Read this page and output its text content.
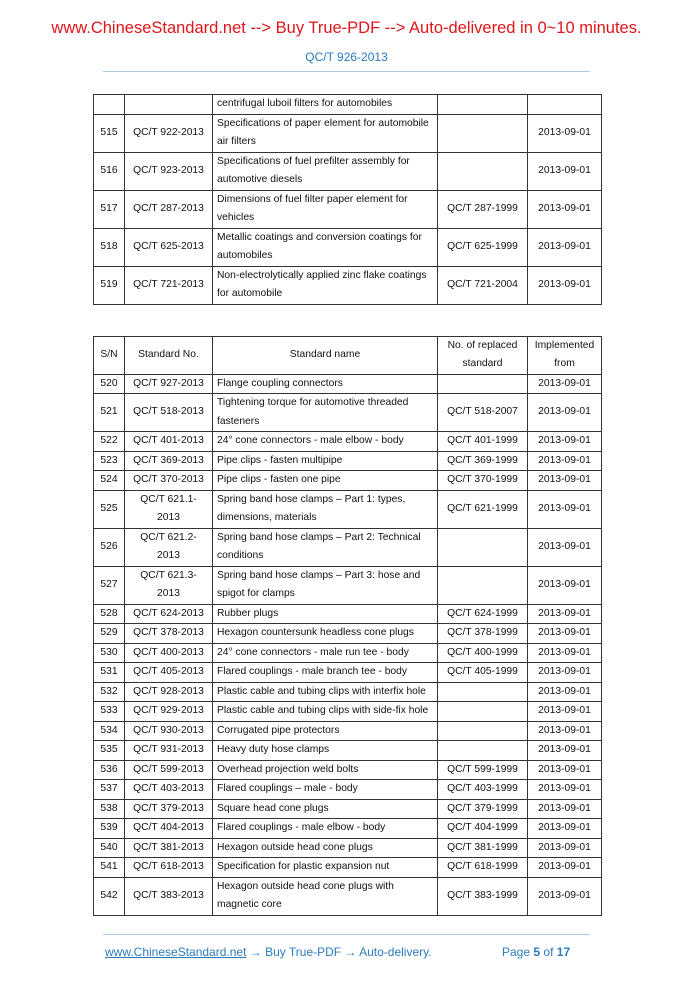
www.ChineseStandard.net --> Buy True-PDF --> Auto-delivered in 0~10 minutes.
QC/T 926-2013
		centrifugal luboil filters for automobiles		
515	QC/T 922-2013	Specifications of paper element for automobile air filters		2013-09-01
516	QC/T 923-2013	Specifications of fuel prefilter assembly for automotive diesels		2013-09-01
517	QC/T 287-2013	Dimensions of fuel filter paper element for vehicles	QC/T 287-1999	2013-09-01
518	QC/T 625-2013	Metallic coatings and conversion coatings for automobiles	QC/T 625-1999	2013-09-01
519	QC/T 721-2013	Non-electrolytically applied zinc flake coatings for automobile	QC/T 721-2004	2013-09-01
S/N	Standard No.	Standard name	No. of replaced standard	Implemented from
520	QC/T 927-2013	Flange coupling connectors		2013-09-01
521	QC/T 518-2013	Tightening torque for automotive threaded fasteners	QC/T 518-2007	2013-09-01
522	QC/T 401-2013	24° cone connectors - male elbow - body	QC/T 401-1999	2013-09-01
523	QC/T 369-2013	Pipe clips - fasten multipipe	QC/T 369-1999	2013-09-01
524	QC/T 370-2013	Pipe clips - fasten one pipe	QC/T 370-1999	2013-09-01
525	QC/T 621.1-2013	Spring band hose clamps – Part 1: types, dimensions, materials	QC/T 621-1999	2013-09-01
526	QC/T 621.2-2013	Spring band hose clamps – Part 2: Technical conditions		2013-09-01
527	QC/T 621.3-2013	Spring band hose clamps – Part 3: hose and spigot for clamps		2013-09-01
528	QC/T 624-2013	Rubber plugs	QC/T 624-1999	2013-09-01
529	QC/T 378-2013	Hexagon countersunk headless cone plugs	QC/T 378-1999	2013-09-01
530	QC/T 400-2013	24° cone connectors - male run tee - body	QC/T 400-1999	2013-09-01
531	QC/T 405-2013	Flared couplings - male branch tee - body	QC/T 405-1999	2013-09-01
532	QC/T 928-2013	Plastic cable and tubing clips with interfix hole		2013-09-01
533	QC/T 929-2013	Plastic cable and tubing clips with side-fix hole		2013-09-01
534	QC/T 930-2013	Corrugated pipe protectors		2013-09-01
535	QC/T 931-2013	Heavy duty hose clamps		2013-09-01
536	QC/T 599-2013	Overhead projection weld bolts	QC/T 599-1999	2013-09-01
537	QC/T 403-2013	Flared couplings – male - body	QC/T 403-1999	2013-09-01
538	QC/T 379-2013	Square head cone plugs	QC/T 379-1999	2013-09-01
539	QC/T 404-2013	Flared couplings - male elbow - body	QC/T 404-1999	2013-09-01
540	QC/T 381-2013	Hexagon outside head cone plugs	QC/T 381-1999	2013-09-01
541	QC/T 618-2013	Specification for plastic expansion nut	QC/T 618-1999	2013-09-01
542	QC/T 383-2013	Hexagon outside head cone plugs with magnetic core	QC/T 383-1999	2013-09-01
www.ChineseStandard.net → Buy True-PDF → Auto-delivery.	Page 5 of 17
